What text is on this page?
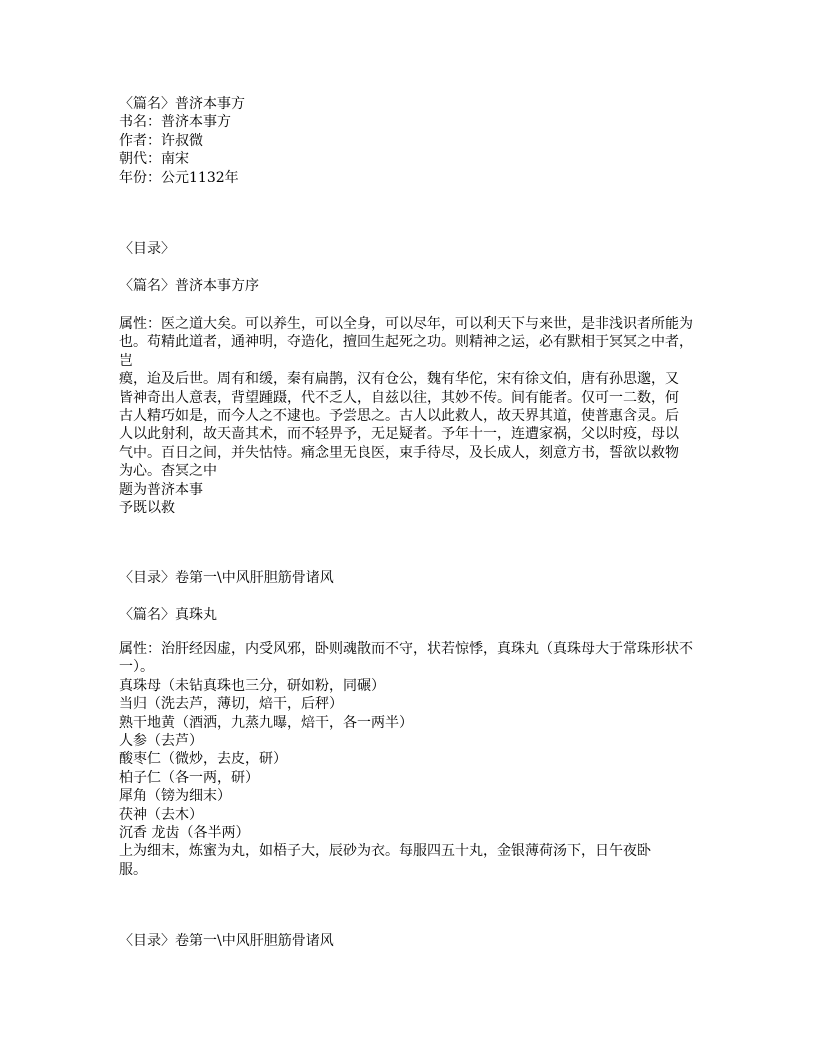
〈篇名〉普济本事方
书名：普济本事方
作者：许叔微
朝代：南宋
年份：公元1132年
〈目录〉
〈篇名〉普济本事方序
属性：医之道大矣。可以养生，可以全身，可以尽年，可以利天下与来世，是非浅识者所能为
也。苟精此道者，通神明，夺造化，擅回生起死之功。则精神之运，必有默相于冥冥之中者，
岂
瘼，迨及后世。周有和缓，秦有扁鹊，汉有仓公，魏有华佗，宋有徐文伯，唐有孙思邈，又
皆神奇出人意表，背望踵蹑，代不乏人，自兹以往，其妙不传。间有能者。仅可一二数，何
古人精巧如是，而今人之不逮也。予尝思之。古人以此救人，故天界其道，使普惠含灵。后
人以此射利，故天啬其术，而不轻畀予，无足疑者。予年十一，连遭家祸，父以时疫，母以
气中。百日之间，并失怙恃。痛念里无良医，束手待尽，及长成人，刻意方书，誓欲以救物
为心。杳冥之中
题为普济本事
予既以救
〈目录〉卷第一\中风肝胆筋骨诸风
〈篇名〉真珠丸
属性：治肝经因虚，内受风邪，卧则魂散而不守，状若惊悸，真珠丸（真珠母大于常珠形状不
一）。
真珠母（未钻真珠也三分，研如粉，同碾）
当归（洗去芦，薄切，焙干，后秤）
熟干地黄（酒洒，九蒸九曝，焙干，各一两半）
人参（去芦）
酸枣仁（微炒，去皮，研）
柏子仁（各一两，研）
犀角（镑为细末）
茯神（去木）
沉香 龙齿（各半两）
上为细末，炼蜜为丸，如梧子大，辰砂为衣。每服四五十丸，金银薄荷汤下，日午夜卧
服。
〈目录〉卷第一\中风肝胆筋骨诸风
